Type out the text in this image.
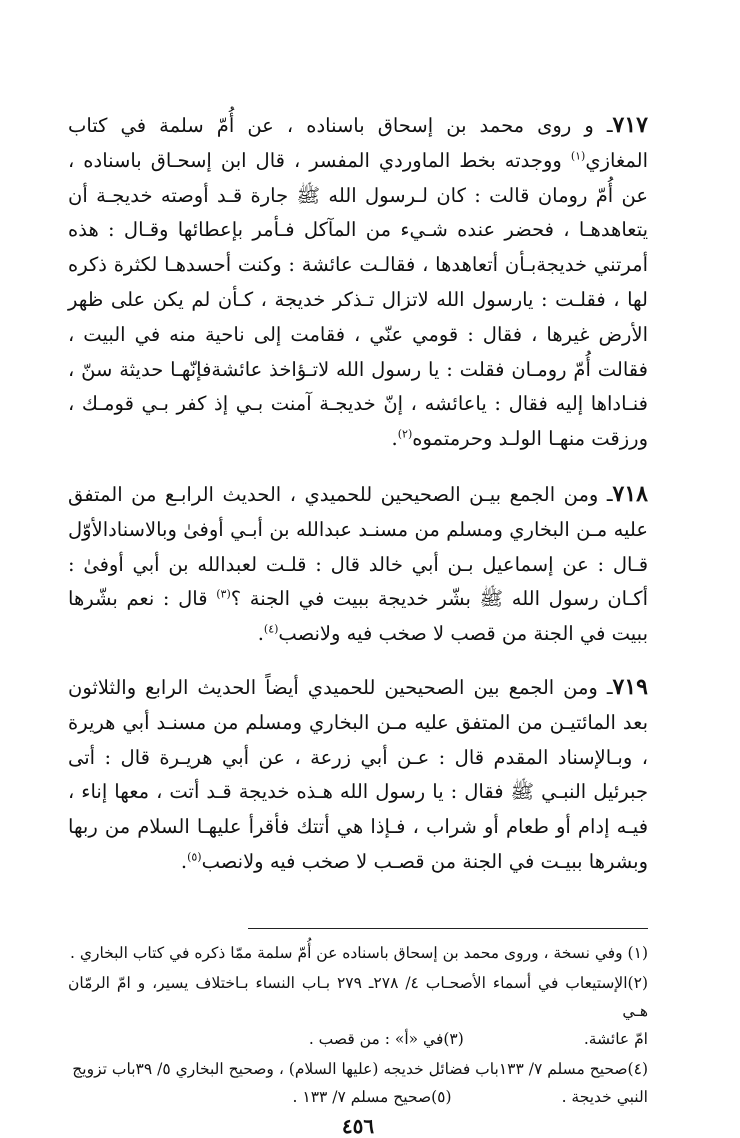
٧١٧ـ و روى محمد بن إسحاق باسناده ، عن أُمّ سلمة في كتاب المغازي$^{(١)}$ ووجدته بخط الماوردي المفسر ، قال ابن إسحـاق باسناده ، عن أُمّ رومان قالت : كان لـرسول الله ﷺ جارة قـد أوصته خديجـة أن يتعاهدهـا ، فحضر عنده شـيء من المآكل فـأمر بإعطائها وقـال : هذه أمرتني خديجةبـأن أتعاهدها ، فقالـت عائشة : وكنت أحسدهـا لكثرة ذكره لها ، فقلـت : يارسول الله لاتزال تـذكر خديجة ، كـأن لم يكن على ظهر الأرض غيرها ، فقال : قومي عنّي ، فقامت إلى ناحية منه في البيت ، فقالت أُمّ رومـان فقلت : يا رسول الله لاتـؤاخذ عائشةفإنّهـا حديثة سنّ ، فنـاداها إليه فقال : ياعائشه ، إنّ خديجـة آمنت بـي إذ كفر بـي قومـك ، ورزقت منهـا الولـد وحرمتموه$^{(٢)}$.

٧١٨ـ ومن الجمع بيـن الصحيحين للحميدي ، الحديث الرابـع من المتفق عليه مـن البخاري ومسلم من مسنـد عبدالله بن أبـي أوفىٰ وبالاسنادالأوّل قـال : عن إسماعيل بـن أبي خالد قال : قلـت لعبدالله بن أبي أوفىٰ : أكـان رسول الله ﷺ بشّر خديجة ببيت في الجنة ؟$^{(٣)}$ قال : نعم بشّرها ببيت في الجنة من قصب لا صخب فيه ولانصب$^{(٤)}$.

٧١٩ـ ومن الجمع بين الصحيحين للحميدي أيضاً الحديث الرابع والثلاثون بعد المائتيـن من المتفق عليه مـن البخاري ومسلم من مسنـد أبي هريرة ، وبـالإسناد المقدم قال : عـن أبي زرعة ، عن أبي هريـرة قال : أتى جبرئيل النبـي ﷺ فقال : يا رسول الله هـذه خديجة قـد أتت ، معها إناء ، فيـه إدام أو طعام أو شراب ، فـإذا هي أتتك فأقرأ عليهـا السلام من ربها وبشرها ببيـت في الجنة من قصـب لا صخب فيه ولانصب$^{(٥)}$.

(١) وفي نسخة ، وروى محمد بن إسحاق باسناده عن أُمّ سلمة ممّا ذكره في كتاب البخاري .

(٢)الإستيعاب في أسماء الأصحـاب ٤/ ٢٧٨ـ ٢٧٩ بـاب النساء بـاختلاف يسير، و امّ الرمّان هـي
امّ عائشة.(٣)في «أ» : من قصب .

(٤)صحيح مسلم ٧/ ١٣٣باب فضائل خديجه (عليها السلام) ، وصحيح البخاري ٥/ ٣٩باب تزويج
النبي خديجة .(٥)صحيح مسلم ٧/ ١٣٣ .

٤٥٦
